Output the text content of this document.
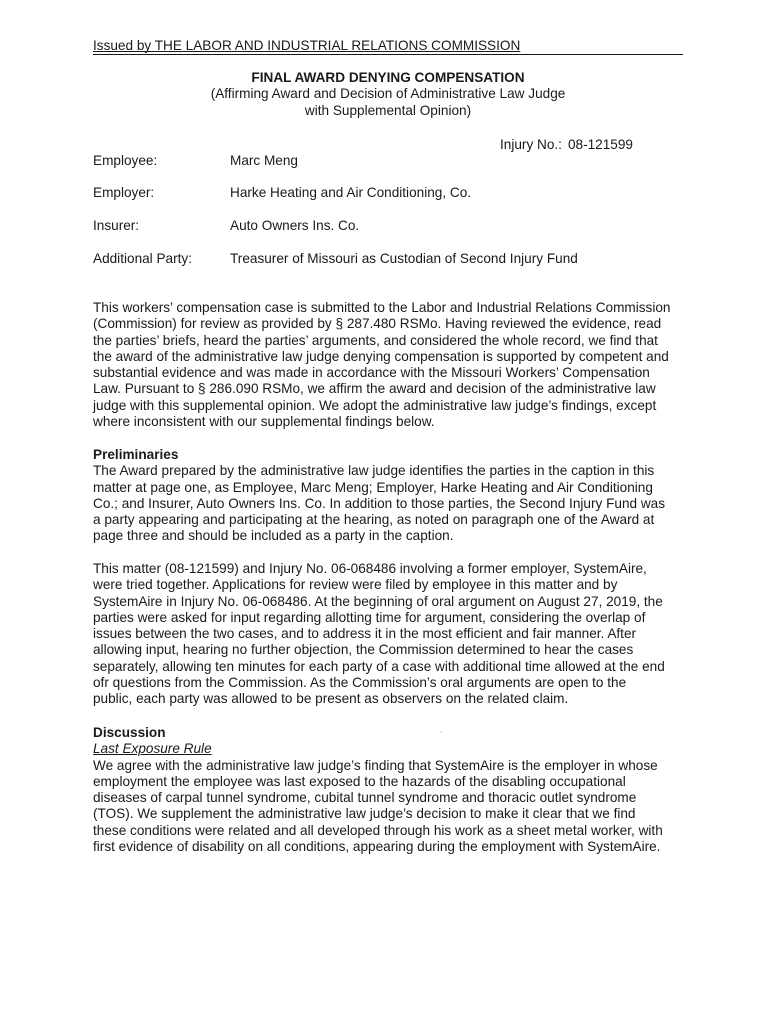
Issued by THE LABOR AND INDUSTRIAL RELATIONS COMMISSION
FINAL AWARD DENYING COMPENSATION
(Affirming Award and Decision of Administrative Law Judge
with Supplemental Opinion)
Injury No.: 08-121599
Employee:	Marc Meng
Employer:	Harke Heating and Air Conditioning, Co.
Insurer:	Auto Owners Ins. Co.
Additional Party:	Treasurer of Missouri as Custodian of Second Injury Fund
This workers’ compensation case is submitted to the Labor and Industrial Relations Commission
(Commission) for review as provided by § 287.480 RSMo. Having reviewed the evidence, read
the parties’ briefs, heard the parties’ arguments, and considered the whole record, we find that
the award of the administrative law judge denying compensation is supported by competent and
substantial evidence and was made in accordance with the Missouri Workers’ Compensation
Law. Pursuant to § 286.090 RSMo, we affirm the award and decision of the administrative law
judge with this supplemental opinion. We adopt the administrative law judge’s findings, except
where inconsistent with our supplemental findings below.
Preliminaries
The Award prepared by the administrative law judge identifies the parties in the caption in this
matter at page one, as Employee, Marc Meng; Employer, Harke Heating and Air Conditioning
Co.; and Insurer, Auto Owners Ins. Co. In addition to those parties, the Second Injury Fund was
a party appearing and participating at the hearing, as noted on paragraph one of the Award at
page three and should be included as a party in the caption.
This matter (08-121599) and Injury No. 06-068486 involving a former employer, SystemAire,
were tried together. Applications for review were filed by employee in this matter and by
SystemAire in Injury No. 06-068486. At the beginning of oral argument on August 27, 2019, the
parties were asked for input regarding allotting time for argument, considering the overlap of
issues between the two cases, and to address it in the most efficient and fair manner. After
allowing input, hearing no further objection, the Commission determined to hear the cases
separately, allowing ten minutes for each party of a case with additional time allowed at the end
ofr questions from the Commission. As the Commission’s oral arguments are open to the
public, each party was allowed to be present as observers on the related claim.
´
Discussion
Last Exposure Rule
We agree with the administrative law judge’s finding that SystemAire is the employer in whose
employment the employee was last exposed to the hazards of the disabling occupational
diseases of carpal tunnel syndrome, cubital tunnel syndrome and thoracic outlet syndrome
(TOS). We supplement the administrative law judge’s decision to make it clear that we find
these conditions were related and all developed through his work as a sheet metal worker, with
first evidence of disability on all conditions, appearing during the employment with SystemAire.
